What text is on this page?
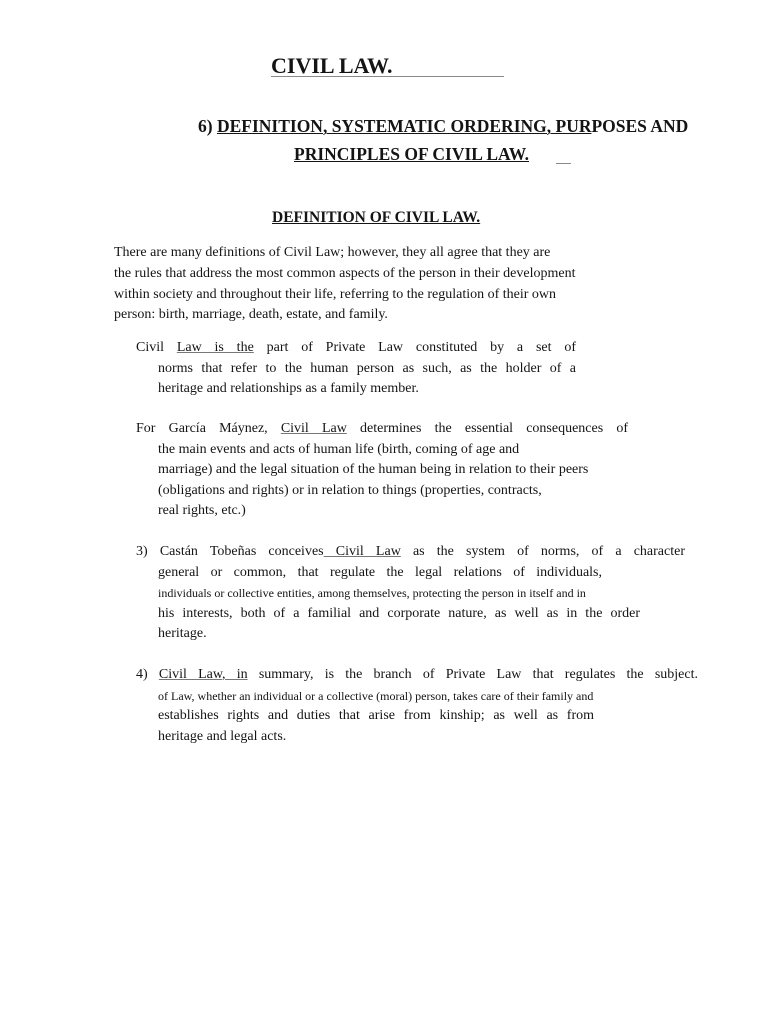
CIVIL LAW.
6) DEFINITION, SYSTEMATIC ORDERING, PURPOSES AND
PRINCIPLES OF CIVIL LAW.
DEFINITION OF CIVIL LAW.
There are many definitions of Civil Law; however, they all agree that they are
the rules that address the most common aspects of the person in their development
within society and throughout their life, referring to the regulation of their own
person: birth, marriage, death, estate, and family.
Civil Law is the part of Private Law constituted by a set of
norms that refer to the human person as such, as the holder of a
heritage and relationships as a family member.
For García Máynez, Civil Law determines the essential consequences of
the main events and acts of human life (birth, coming of age and
marriage) and the legal situation of the human being in relation to their peers
(obligations and rights) or in relation to things (properties, contracts,
real rights, etc.)
3) Castán Tobeñas conceives Civil Law as the system of norms, of a character
general or common, that regulate the legal relations of individuals,
individuals or collective entities, among themselves, protecting the person in itself and in
his interests, both of a familial and corporate nature, as well as in the order
heritage.
4) Civil Law, in summary, is the branch of Private Law that regulates the subject.
of Law, whether an individual or a collective (moral) person, takes care of their family and
establishes rights and duties that arise from kinship; as well as from
heritage and legal acts.
